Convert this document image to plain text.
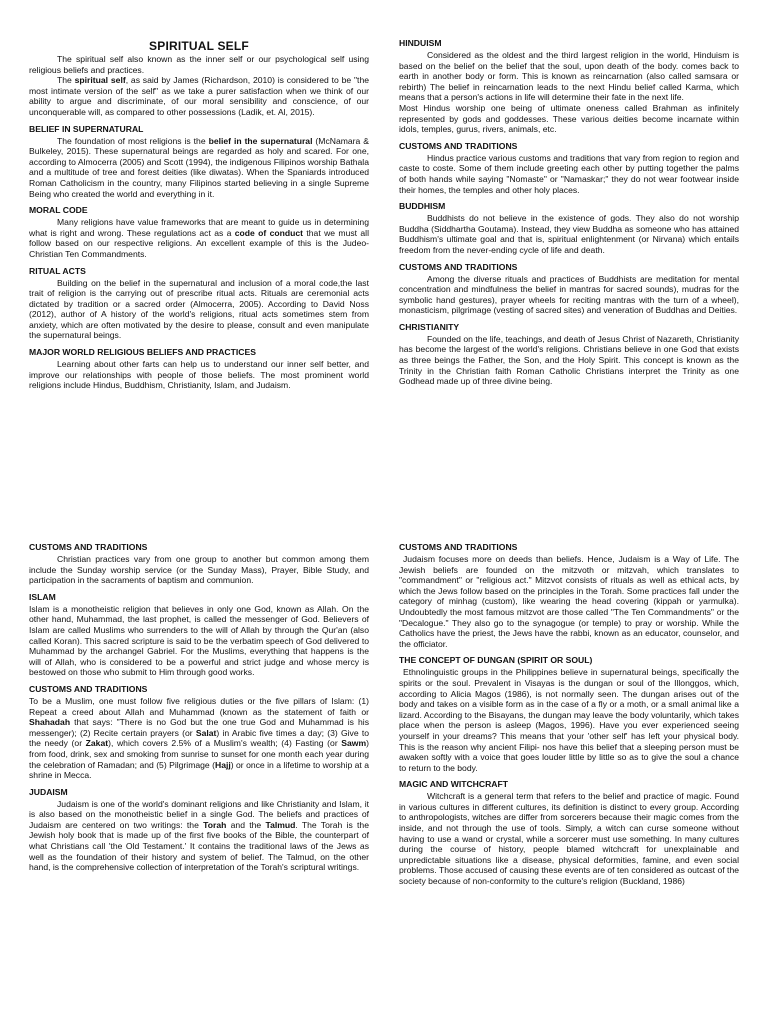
SPIRITUAL SELF

The spiritual self also known as the inner self or our psychological self using religious beliefs and practices.

The spiritual self, as said by James (Richardson, 2010) is considered to be "the most intimate version of the self" as we take a purer satisfaction when we think of our ability to argue and discriminate, of our moral sensibility and conscience, of our unconquerable will, as compared to other possessions (Ladik, et. Al, 2015).

BELIEF IN SUPERNATURAL

The foundation of most religions is the belief in the supernatural (McNamara & Bulkeley, 2015). These supernatural beings are regarded as holy and scared. For one, according to Almocerra (2005) and Scott (1994), the indigenous Filipinos worship Bathala and a multitude of tree and forest deities (like diwatas). When the Spaniards introduced Roman Catholicism in the country, many Filipinos started believing in a single Supreme Being who created the world and everything in it.

MORAL CODE

Many religions have value frameworks that are meant to guide us in determining what is right and wrong. These regulations act as a code of conduct that we must all follow based on our respective religions. An excellent example of this is the Judeo-Christian Ten Commandments.

RITUAL ACTS

Building on the belief in the supernatural and inclusion of a moral code,the last trait of religion is the carrying out of prescribe ritual acts. Rituals are ceremonial acts dictated by tradition or a sacred order (Almocerra, 2005). According to David Noss (2012), author of A history of the world's religions, ritual acts sometimes stem from anxiety, which are often motivated by the desire to please, consult and even manipulate the supernatural beings.

MAJOR WORLD RELIGIOUS BELIEFS AND PRACTICES

Learning about other farts can help us to understand our inner self better, and improve our relationships with people of those beliefs. The most prominent world religions include Hindus, Buddhism, Christianity, Islam, and Judaism.

HINDUISM

Considered as the oldest and the third largest religion in the world, Hinduism is based on the belief on the belief that the soul, upon death of the body. comes back to earth in another body or form. This is known as reincarnation (also called samsara or rebirth) The belief in reincarnation leads to the next Hindu belief called Karma, which means that a person's actions in life will determine their fate in the next life.

Most Hindus worship one being of ultimate oneness called Brahman as infinitely represented by gods and goddesses. These various deities become incarnate within idols, temples, gurus, rivers, animals, etc.

CUSTOMS AND TRADITIONS

Hindus practice various customs and traditions that vary from region to region and caste to coste. Some of them include greeting each other by putting together the palms of both hands while saying "Nomaste" or "Namaskar;" they do not wear footwear inside their homes, the temples and other holy places.

BUDDHISM

Buddhists do not believe in the existence of gods. They also do not worship Buddha (Siddhartha Goutama). Instead, they view Buddha as someone who has attained Buddhism's ultimate goal and that is, spiritual enlightenment (or Nirvana) which entails freedom from the never-ending cycle of life and death.

CUSTOMS AND TRADITIONS

Among the diverse rituals and practices of Buddhists are meditation for mental concentration and mindfulness the belief in mantras for sacred sounds), mudras for the symbolic hand gestures), prayer wheels for reciting mantras with the turn of a wheel), monasticism, pilgrimage (vesting of sacred sites) and veneration of Buddhas and Deities.

CHRISTIANITY

Founded on the life, teachings, and death of Jesus Christ of Nazareth, Christianity has become the largest of the world's religions. Christians believe in one God that exists as three beings the Father, the Son, and the Holy Spirit. This concept is known as the Trinity in the Christian faith Roman Catholic Christians interpret the Trinity as one Godhead made up of three divine being.

CUSTOMS AND TRADITIONS

Christian practices vary from one group to another but common among them include the Sunday worship service (or the Sunday Mass), Prayer, Bible Study, and participation in the sacraments of baptism and communion.

ISLAM

Islam is a monotheistic religion that believes in only one God, known as Allah. On the other hand, Muhammad, the last prophet, is called the messenger of God. Believers of Islam are called Muslims who surrenders to the will of Allah by through the Qur'an (also called Koran). This sacred scripture is said to be the verbatim speech of God delivered to Muhammad by the archangel Gabriel. For the Muslims, everything that happens is the will of Allah, who is considered to be a powerful and strict judge and whose mercy is bestowed on those who submit to Him through good works.

CUSTOMS AND TRADITIONS

To be a Muslim, one must follow five religious duties or the five pillars of Islam: (1) Repeat a creed about Allah and Muhammad (known as the statement of faith or Shahadah that says: "There is no God but the one true God and Muhammad is his messenger); (2) Recite certain prayers (or Salat) in Arabic five times a day; (3) Give to the needy (or Zakat), which covers 2.5% of a Muslim's wealth; (4) Fasting (or Sawm) from food, drink, sex and smoking from sunrise to sunset for one month each year during the celebration of Ramadan; and (5) Pilgrimage (Hajj) or once in a lifetime to worship at a shrine in Mecca.

JUDAISM

Judaism is one of the world's dominant religions and like Christianity and Islam, it is also based on the monotheistic belief in a single God. The beliefs and practices of Judaism are centered on two writings: the Torah and the Talmud. The Torah is the Jewish holy book that is made up of the first five books of the Bible, the counterpart of what Christians call 'the Old Testament.' It contains the traditional laws of the Jews as well as the foundation of their history and system of belief. The Talmud, on the other hand, is the comprehensive collection of interpretation of the Torah's scriptural writings.

CUSTOMS AND TRADITIONS

Judaism focuses more on deeds than beliefs. Hence, Judaism is a Way of Life. The Jewish beliefs are founded on the mitzvoth or mitzvah, which translates to "commandment" or "religious act." Mitzvot consists of rituals as well as ethical acts, by which the Jews follow based on the principles in the Torah. Some practices fall under the category of minhag (custom), like wearing the head covering (kippah or yarmulka). Undoubtedly the most famous mitzvot are those called "The Ten Commandments" or the "Decalogue." They also go to the synagogue (or temple) to pray or worship. While the Catholics have the priest, the Jews have the rabbi, known as an educator, counselor, and the officiator.

THE CONCEPT OF DUNGAN (SPIRIT OR SOUL)

Ethnolinguistic groups in the Philippines believe in supernatural beings, specifically the spirits or the soul. Prevalent in Visayas is the dungan or soul of the Illonggos, which, according to Alicia Magos (1986), is not normally seen. The dungan arises out of the body and takes on a visible form as in the case of a fly or a moth, or a small animal like a lizard. According to the Bisayans, the dungan may leave the body voluntarily, which takes place when the person is asleep (Magos, 1996). Have you ever experienced seeing yourself in your dreams? This means that your 'other self' has left your physical body. This is the reason why ancient Filipi- nos have this belief that a sleeping person must be awaken softly with a voice that goes louder little by little so as to give the soul a chance to return to the body.

MAGIC AND WITCHCRAFT

Witchcraft is a general term that refers to the belief and practice of magic. Found in various cultures in different cultures, its definition is distinct to every group. According to anthropologists, witches are differ from sorcerers because their magic comes from the inside, and not through the use of tools. Simply, a witch can curse someone without having to use a wand or crystal, while a sorcerer must use something. In many cultures during the course of history, people blamed witchcraft for unexplainable and unpredictable situations like a disease, physical deformities, famine, and even social problems. Those accused of causing these events are of ten considered as outcast of the society because of non-conformity to the culture's religion (Buckland, 1986)
